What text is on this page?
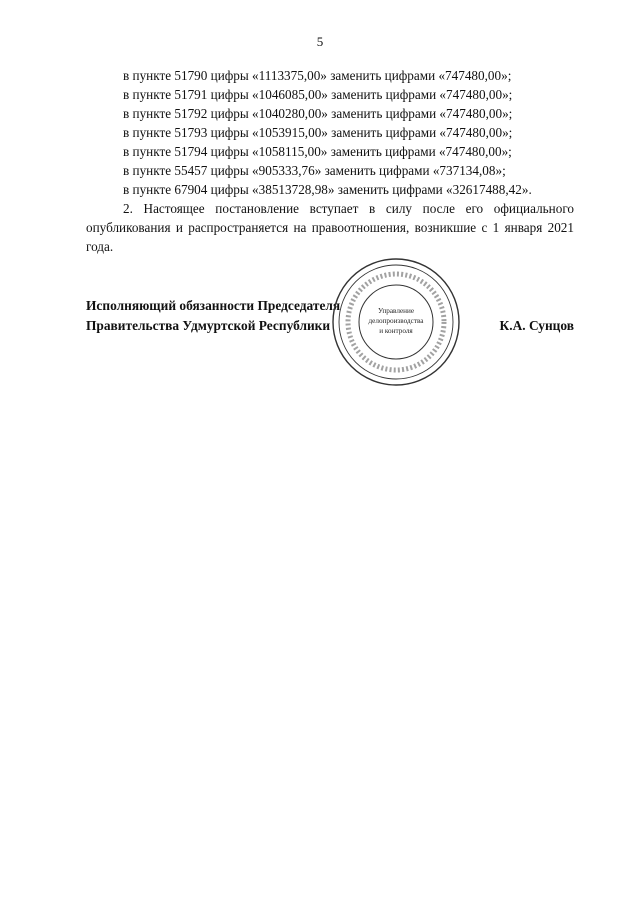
5
в пункте 51790 цифры «1113375,00» заменить цифрами «747480,00»;
в пункте 51791 цифры «1046085,00» заменить цифрами «747480,00»;
в пункте 51792 цифры «1040280,00» заменить цифрами «747480,00»;
в пункте 51793 цифры «1053915,00» заменить цифрами «747480,00»;
в пункте 51794 цифры «1058115,00» заменить цифрами «747480,00»;
в пункте 55457 цифры «905333,76» заменить цифрами «737134,08»;
в пункте 67904 цифры «38513728,98» заменить цифрами «32617488,42».

2. Настоящее постановление вступает в силу после его официального опубликования и распространяется на правоотношения, возникшие с 1 января 2021 года.

Исполняющий обязанности Председателя
Правительства Удмуртской Республики	К.А. Сунцов
Управление
делопроизводства
и контроля
